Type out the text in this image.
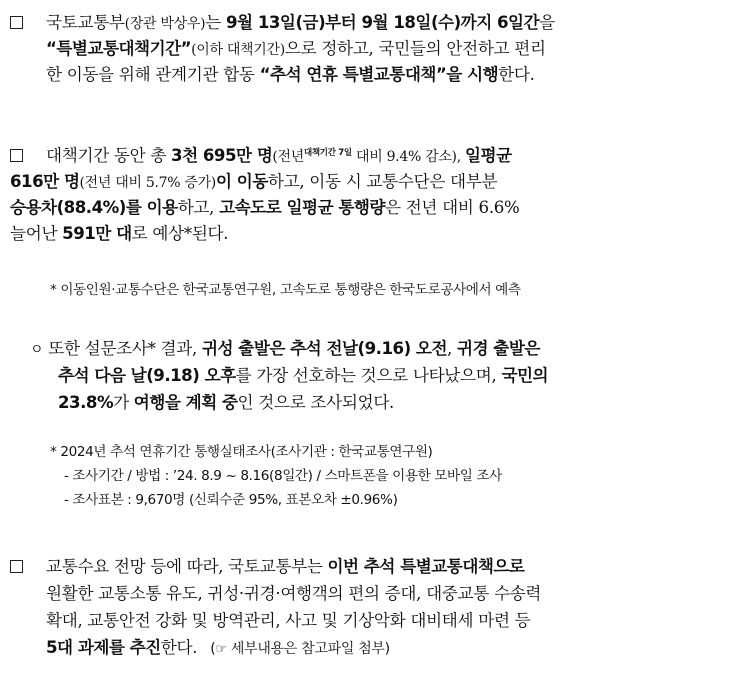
국토교통부(장관 박상우)는 9월 13일(금)부터 9월 18일(수)까지 6일간을
“특별교통대책기간”(이하 대책기간)으로 정하고, 국민들의 안전하고 편리
한 이동을 위해 관계기관 합동 “추석 연휴 특별교통대책”을 시행한다.
대책기간 동안 총 3천 695만 명(전년$^{대책기간 7일}$ 대비 9.4% 감소), 일평균
616만 명(전년 대비 5.7% 증가)이 이동하고, 이동 시 교통수단은 대부분
승용차(88.4%)를 이용하고, 고속도로 일평균 통행량은 전년 대비 6.6%
늘어난 591만 대로 예상*된다.
* 이동인원·교통수단은 한국교통연구원, 고속도로 통행량은 한국도로공사에서 예측
ㅇ 또한 설문조사* 결과, 귀성 출발은 추석 전날(9.16) 오전, 귀경 출발은
추석 다음 날(9.18) 오후를 가장 선호하는 것으로 나타났으며, 국민의
23.8%가 여행을 계획 중인 것으로 조사되었다.
* 2024년 추석 연휴기간 통행실태조사(조사기관 : 한국교통연구원)
- 조사기간 / 방법 : ’24. 8.9 ~ 8.16(8일간) / 스마트폰을 이용한 모바일 조사
- 조사표본 : 9,670명 (신뢰수준 95%, 표본오차 ±0.96%)
교통수요 전망 등에 따라, 국토교통부는 이번 추석 특별교통대책으로
원활한 교통소통 유도, 귀성·귀경·여행객의 편의 증대, 대중교통 수송력
확대, 교통안전 강화 및 방역관리, 사고 및 기상악화 대비태세 마련 등
5대 과제를 추진한다. (☞ 세부내용은 참고파일 첨부)
